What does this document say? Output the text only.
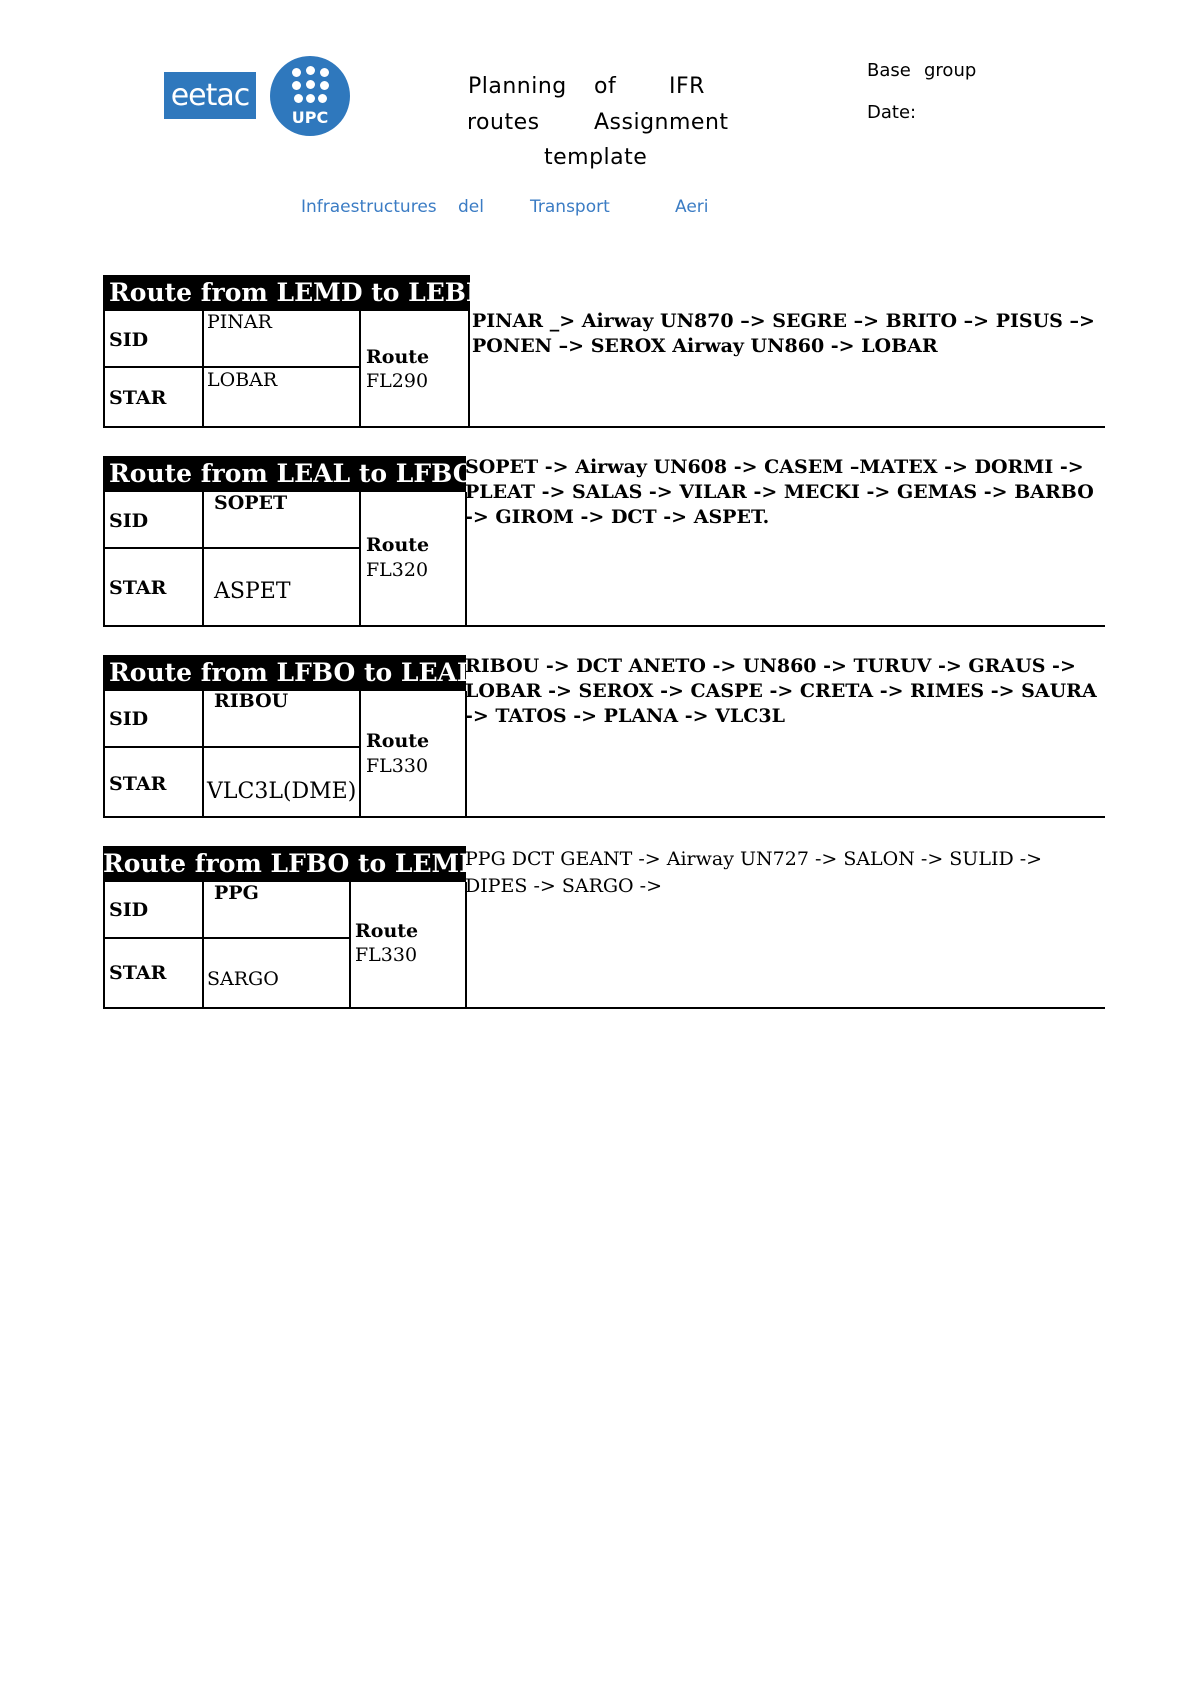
eetac
UPC
Planning of IFR
routes Assignment
template
Base group
Date:
Infraestructures del	Transport	Aeri
Route from LEMD to LEBL
SID
PINAR
STAR
LOBAR
Route
FL290
PINAR _> Airway UN870 –> SEGRE –> BRITO –> PISUS –> PONEN –> SEROX Airway UN860 -> LOBAR
Route from LEAL to LFBO
SID
SOPET
STAR ASPET
Route
FL320
SOPET -> Airway UN608 -> CASEM –MATEX -> DORMI -> PLEAT -> SALAS -> VILAR -> MECKI -> GEMAS -> BARBO -> GIROM -> DCT -> ASPET.
Route from LFBO to LEAL
SID
RIBOU
STAR VLC3L(DME)
Route
FL330
RIBOU -> DCT ANETO -> UN860 -> TURUV -> GRAUS -> LOBAR -> SEROX -> CASPE -> CRETA -> RIMES -> SAURA -> TATOS -> PLANA -> VLC3L
Route from LFBO to LEMH
SID
PPG
STAR SARGO
Route
FL330
PPG DCT GEANT -> Airway UN727 -> SALON -> SULID -> DIPES -> SARGO ->
